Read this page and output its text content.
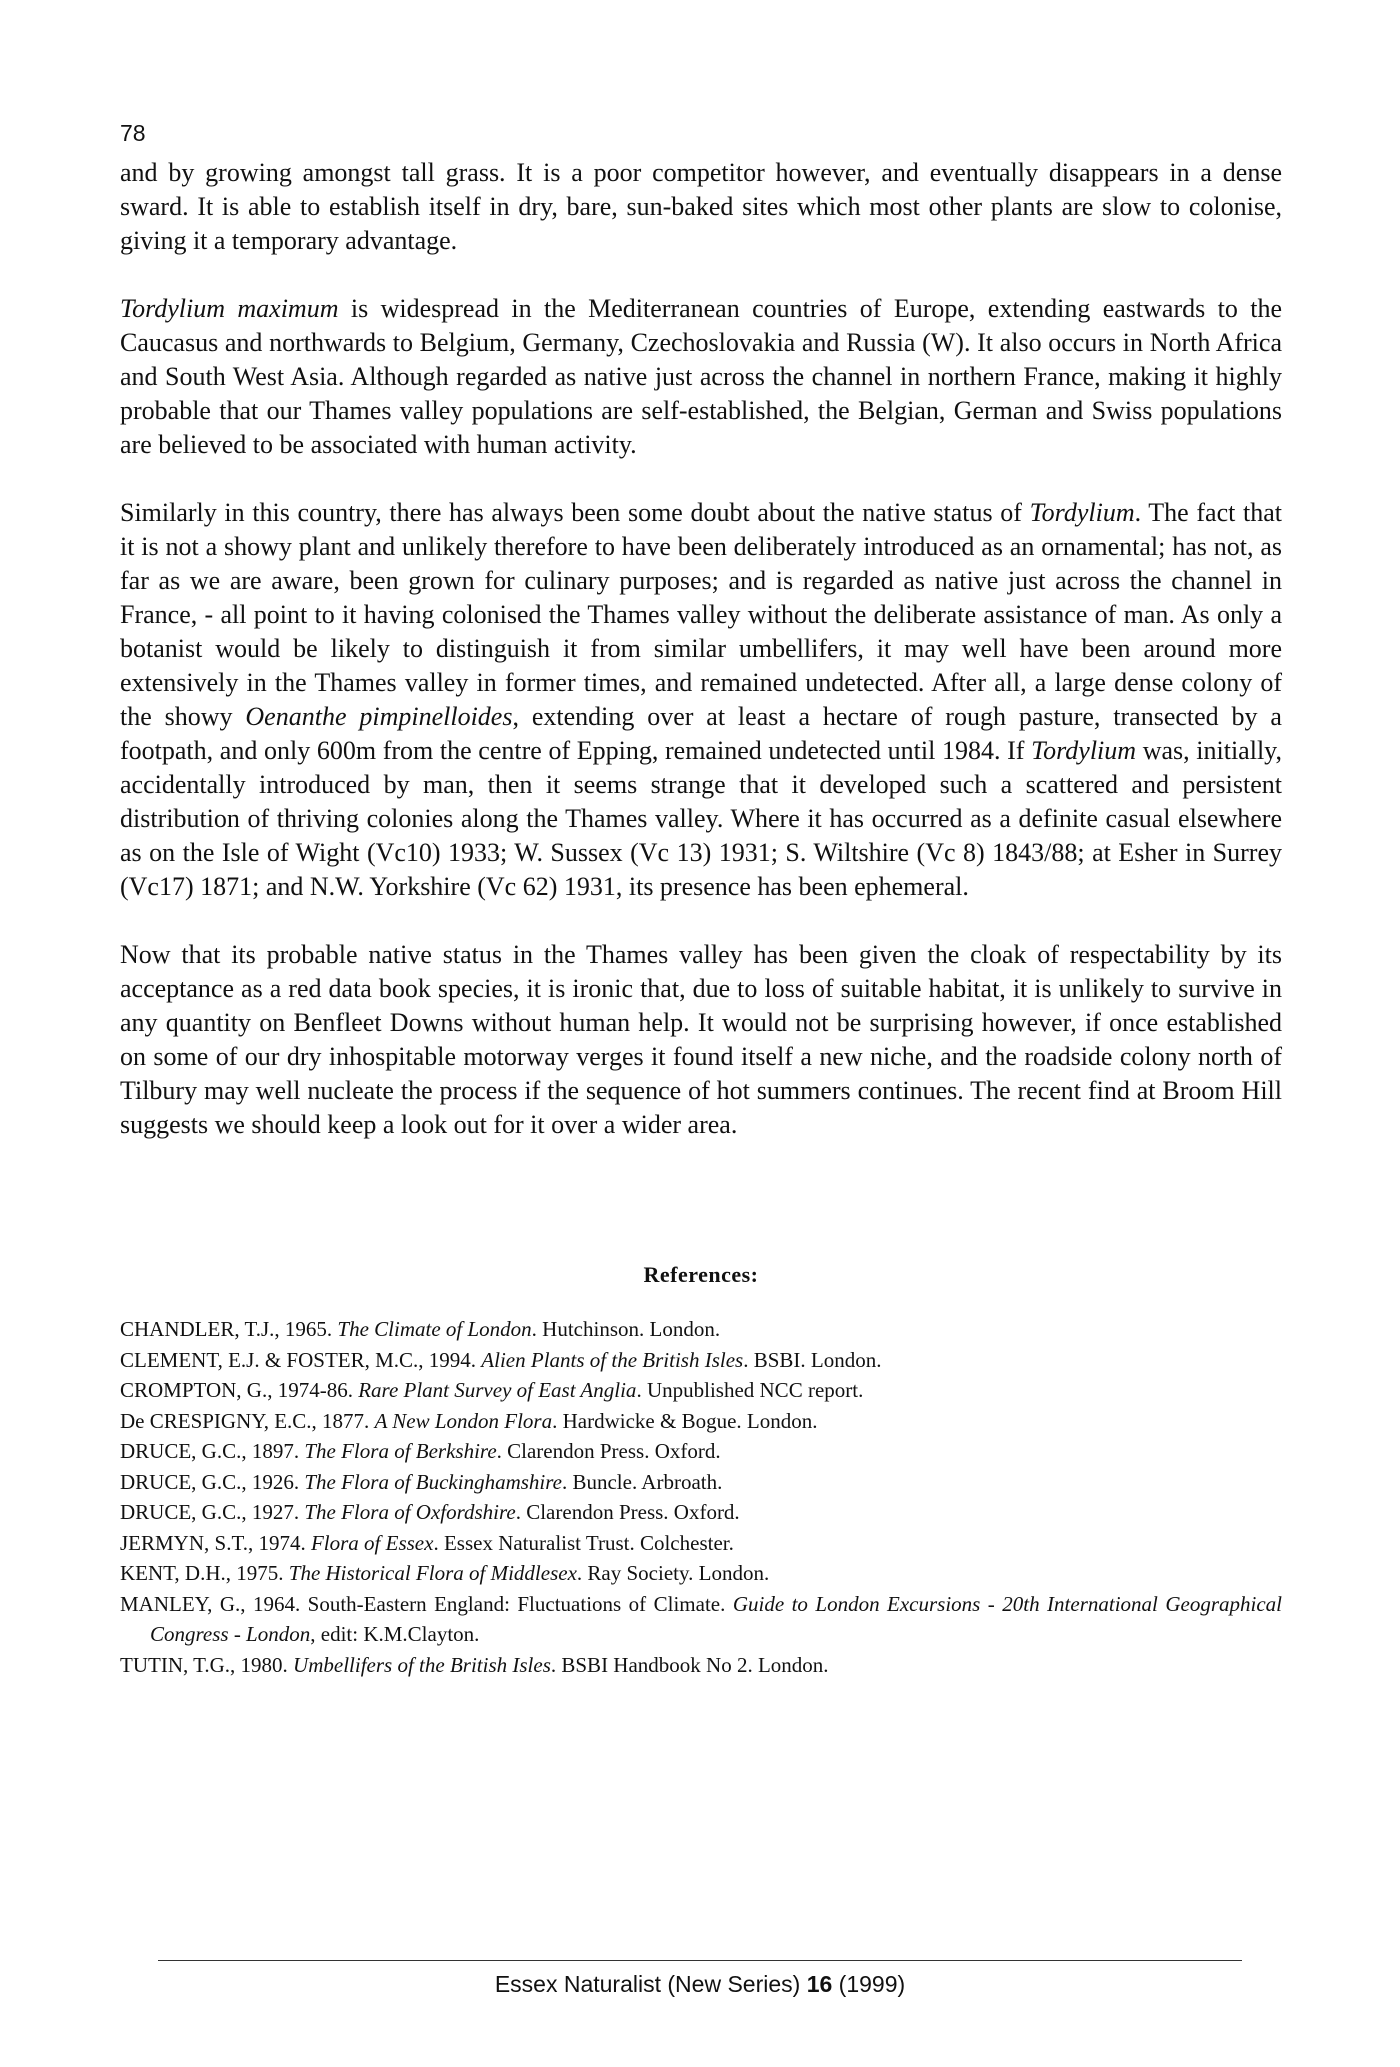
78

and by growing amongst tall grass. It is a poor competitor however, and eventually disappears in a dense sward. It is able to establish itself in dry, bare, sun-baked sites which most other plants are slow to colonise, giving it a temporary advantage.

Tordylium maximum is widespread in the Mediterranean countries of Europe, extending eastwards to the Caucasus and northwards to Belgium, Germany, Czechoslovakia and Russia (W). It also occurs in North Africa and South West Asia. Although regarded as native just across the channel in northern France, making it highly probable that our Thames valley populations are self-established, the Belgian, German and Swiss populations are believed to be associated with human activity.

Similarly in this country, there has always been some doubt about the native status of Tordylium. The fact that it is not a showy plant and unlikely therefore to have been deliberately introduced as an ornamental; has not, as far as we are aware, been grown for culinary purposes; and is regarded as native just across the channel in France, - all point to it having colonised the Thames valley without the deliberate assistance of man. As only a botanist would be likely to distinguish it from similar umbellifers, it may well have been around more extensively in the Thames valley in former times, and remained undetected. After all, a large dense colony of the showy Oenanthe pimpinelloides, extending over at least a hectare of rough pasture, transected by a footpath, and only 600m from the centre of Epping, remained undetected until 1984. If Tordylium was, initially, accidentally introduced by man, then it seems strange that it developed such a scattered and persistent distribution of thriving colonies along the Thames valley. Where it has occurred as a definite casual elsewhere as on the Isle of Wight (Vc10) 1933; W. Sussex (Vc 13) 1931; S. Wiltshire (Vc 8) 1843/88; at Esher in Surrey (Vc17) 1871; and N.W. Yorkshire (Vc 62) 1931, its presence has been ephemeral.

Now that its probable native status in the Thames valley has been given the cloak of respectability by its acceptance as a red data book species, it is ironic that, due to loss of suitable habitat, it is unlikely to survive in any quantity on Benfleet Downs without human help. It would not be surprising however, if once established on some of our dry inhospitable motorway verges it found itself a new niche, and the roadside colony north of Tilbury may well nucleate the process if the sequence of hot summers continues. The recent find at Broom Hill suggests we should keep a look out for it over a wider area.

References:

CHANDLER, T.J., 1965. The Climate of London. Hutchinson. London.

CLEMENT, E.J. & FOSTER, M.C., 1994. Alien Plants of the British Isles. BSBI. London.

CROMPTON, G., 1974-86. Rare Plant Survey of East Anglia. Unpublished NCC report.

De CRESPIGNY, E.C., 1877. A New London Flora. Hardwicke & Bogue. London.

DRUCE, G.C., 1897. The Flora of Berkshire. Clarendon Press. Oxford.

DRUCE, G.C., 1926. The Flora of Buckinghamshire. Buncle. Arbroath.

DRUCE, G.C., 1927. The Flora of Oxfordshire. Clarendon Press. Oxford.

JERMYN, S.T., 1974. Flora of Essex. Essex Naturalist Trust. Colchester.

KENT, D.H., 1975. The Historical Flora of Middlesex. Ray Society. London.

MANLEY, G., 1964. South-Eastern England: Fluctuations of Climate. Guide to London Excursions - 20th International Geographical Congress - London, edit: K.M.Clayton.

TUTIN, T.G., 1980. Umbellifers of the British Isles. BSBI Handbook No 2. London.

Essex Naturalist (New Series) 16 (1999)
